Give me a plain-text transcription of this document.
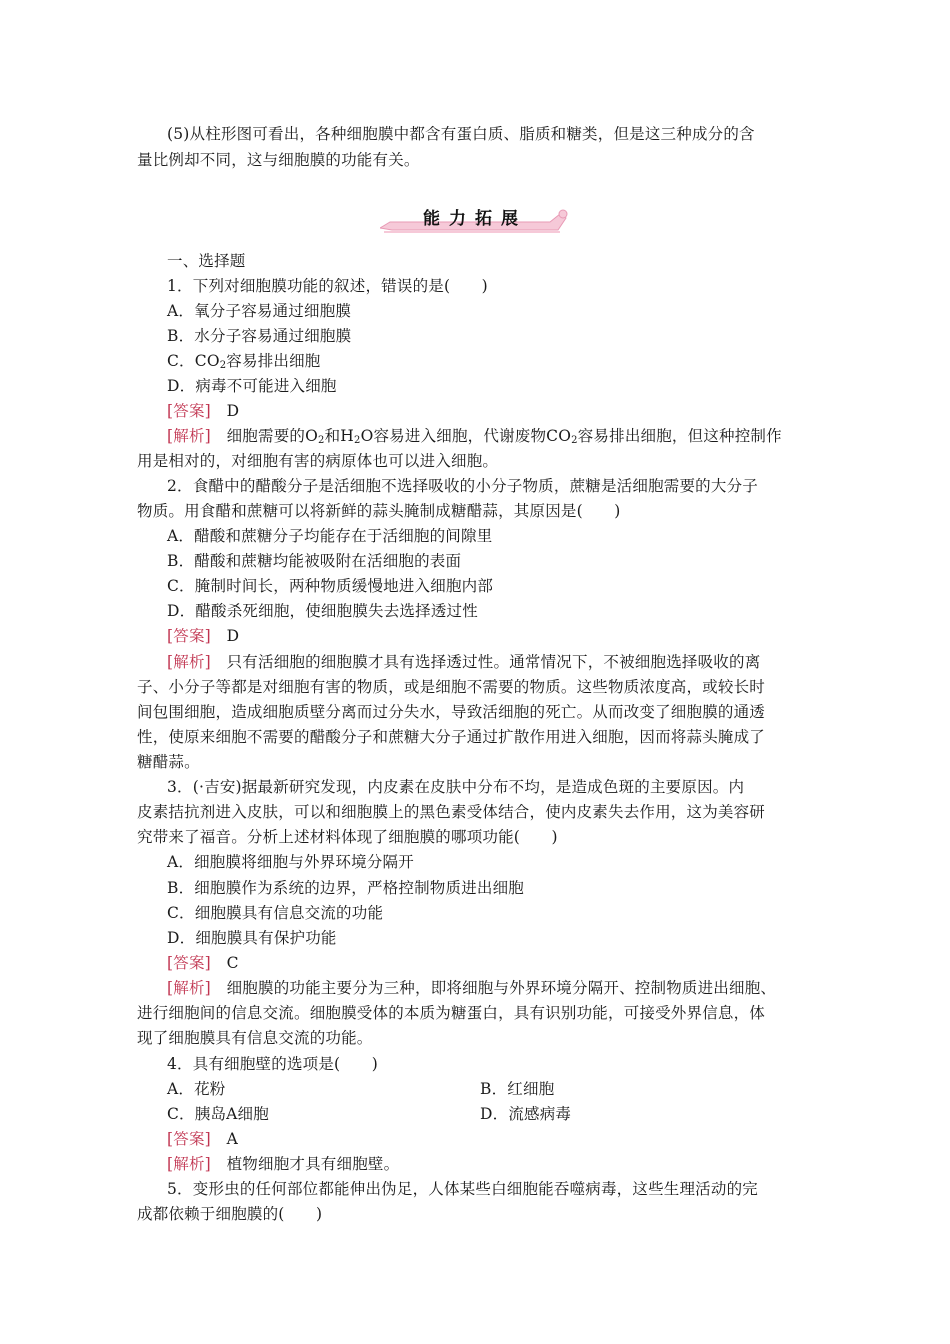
(5)从柱形图可看出，各种细胞膜中都含有蛋白质、脂质和糖类，但是这三种成分的含
量比例却不同，这与细胞膜的功能有关。
能力拓展
一、选择题
1．下列对细胞膜功能的叙述，错误的是(　　)
A．氧分子容易通过细胞膜
B．水分子容易通过细胞膜
C．$CO_2$容易排出细胞
D．病毒不可能进入细胞
[答案]　 D
[解析]　 细胞需要的$O_2$和$H_2O$容易进入细胞，代谢废物$CO_2$容易排出细胞，但这种控制作
用是相对的，对细胞有害的病原体也可以进入细胞。
2．食醋中的醋酸分子是活细胞不选择吸收的小分子物质，蔗糖是活细胞需要的大分子
物质。用食醋和蔗糖可以将新鲜的蒜头腌制成糖醋蒜，其原因是(　　)
A．醋酸和蔗糖分子均能存在于活细胞的间隙里
B．醋酸和蔗糖均能被吸附在活细胞的表面
C．腌制时间长，两种物质缓慢地进入细胞内部
D．醋酸杀死细胞，使细胞膜失去选择透过性
[答案]　 D
[解析]　 只有活细胞的细胞膜才具有选择透过性。通常情况下，不被细胞选择吸收的离
子、小分子等都是对细胞有害的物质，或是细胞不需要的物质。这些物质浓度高，或较长时
间包围细胞，造成细胞质壁分离而过分失水，导致活细胞的死亡。从而改变了细胞膜的通透
性，使原来细胞不需要的醋酸分子和蔗糖大分子通过扩散作用进入细胞，因而将蒜头腌成了
糖醋蒜。
3．(·吉安)据最新研究发现，内皮素在皮肤中分布不均，是造成色斑的主要原因。内
皮素拮抗剂进入皮肤，可以和细胞膜上的黑色素受体结合，使内皮素失去作用，这为美容研
究带来了福音。分析上述材料体现了细胞膜的哪项功能(　　)
A．细胞膜将细胞与外界环境分隔开
B．细胞膜作为系统的边界，严格控制物质进出细胞
C．细胞膜具有信息交流的功能
D．细胞膜具有保护功能
[答案]　 C
[解析]　 细胞膜的功能主要分为三种，即将细胞与外界环境分隔开、控制物质进出细胞、
进行细胞间的信息交流。细胞膜受体的本质为糖蛋白，具有识别功能，可接受外界信息，体
现了细胞膜具有信息交流的功能。
4．具有细胞壁的选项是(　　)
A．花粉	B．红细胞
C．胰岛A细胞	D．流感病毒
[答案]　 A
[解析]　 植物细胞才具有细胞壁。
5．变形虫的任何部位都能伸出伪足，人体某些白细胞能吞噬病毒，这些生理活动的完
成都依赖于细胞膜的(　　)
